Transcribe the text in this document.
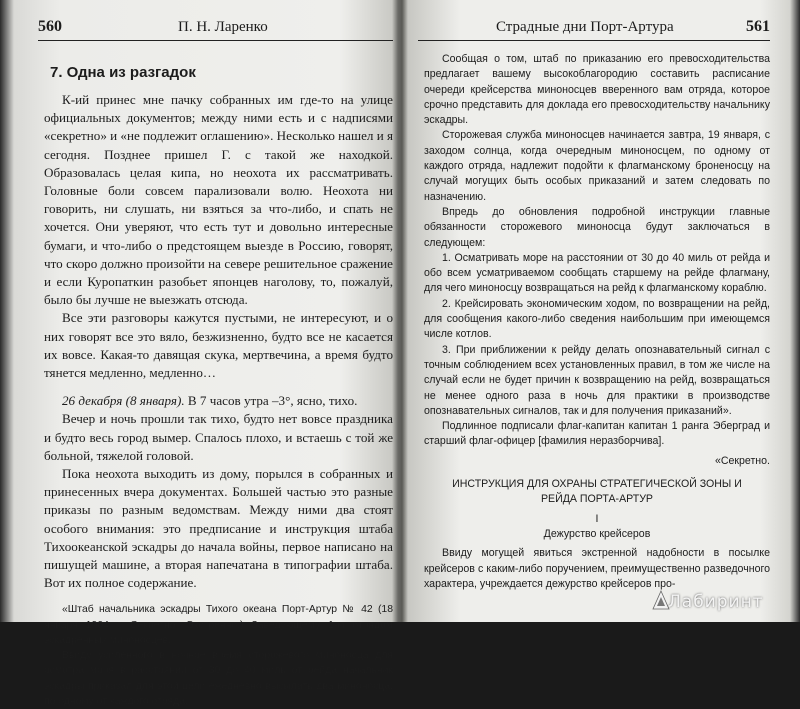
560	П. Н. Ларенко
7. Одна из разгадок

К-ий принес мне пачку собранных им где-то на улице официальных документов; между ними есть и с надписями «секретно» и «не подлежит оглашению». Несколько нашел и я сегодня. Позднее пришел Г. с такой же находкой. Образовалась целая кипа, но неохота их рассматривать. Головные боли совсем парализовали волю. Неохота ни говорить, ни слушать, ни взяться за что-либо, и спать не хочется. Они уверяют, что есть тут и довольно интересные бумаги, и что-либо о предстоящем выезде в Россию, говорят, что скоро должно произойти на севере решительное сражение и если Куропаткин разобьет японцев наголову, то, пожалуй, было бы лучше не выезжать отсюда.

Все эти разговоры кажутся пустыми, не интересуют, и о них говорят все это вяло, безжизненно, будто все не касается их вовсе. Какая-то давящая скука, мертвечина, а время будто тянется медленно, медленно…

26 декабря (8 января). В 7 часов утра –3°, ясно, тихо.

Вечер и ночь прошли так тихо, будто нет вовсе праздника и будто весь город вымер. Спалось плохо, и встаешь с той же больной, тяжелой головой.

Пока неохота выходить из дому, порылся в собранных и принесенных вчера документах. Большей частью это разные приказы по разным ведомствам. Между ними два стоят особого внимания: это предписание и инструкция штаба Тихоокеанской эскадры до начала войны, первое написано на пишущей машине, а вторая напечатана в типографии штаба. Вот их полное содержание.

«Штаб начальника эскадры Тихого океана Порт-Артур № 42 (18 января 1904 г. Секретно. Экстренно.) Заведующему 1-м отрядом эскадренных миноносцев.

Ввиду усиленного в ночное время сторожевого миноносца для осмотра моря в расстоянии от 30 до 40 миль от рейда начальник эскадры приказал для этой цели ежедневно высылать два миноносца, по одному от каждого отряда.

Страдные дни Порт-Артура	561

Сообщая о том, штаб по приказанию его превосходительства предлагает вашему высокоблагородию составить расписание очереди крейсерства миноносцев вверенного вам отряда, которое срочно представить для доклада его превосходительству начальнику эскадры.

Сторожевая служба миноносцев начинается завтра, 19 января, с заходом солнца, когда очередным миноносцем, по одному от каждого отряда, надлежит подойти к флагманскому броненосцу на случай могущих быть особых приказаний и затем следовать по назначению.

Впредь до обновления подробной инструкции главные обязанности сторожевого миноносца будут заключаться в следующем:

1. Осматривать море на расстоянии от 30 до 40 миль от рейда и обо всем усматриваемом сообщать старшему на рейде флагману, для чего миноносцу возвращаться на рейд к флагманскому кораблю.

2. Крейсировать экономическим ходом, по возвращении на рейд, для сообщения какого-либо сведения наибольшим при имеющемся числе котлов.

3. При приближении к рейду делать опознавательный сигнал с точным соблюдением всех установленных правил, в том же числе на случай если не будет причин к возвращению на рейд, возвращаться не менее одного раза в ночь для практики в производстве опознавательных сигналов, так и для получения приказаний».

Подлинное подписали флаг-капитан капитан 1 ранга Эберград и старший флаг-офицер [фамилия неразборчива].

«Секретно.

ИНСТРУКЦИЯ ДЛЯ ОХРАНЫ СТРАТЕГИЧЕСКОЙ ЗОНЫ И РЕЙДА ПОРТА-АРТУР

I

Дежурство крейсеров

Ввиду могущей явиться экстренной надобности в посылке крейсеров с каким-либо поручением, преимущественно разведочного характера, учреждается дежурство крейсеров про-

Лабиринт
